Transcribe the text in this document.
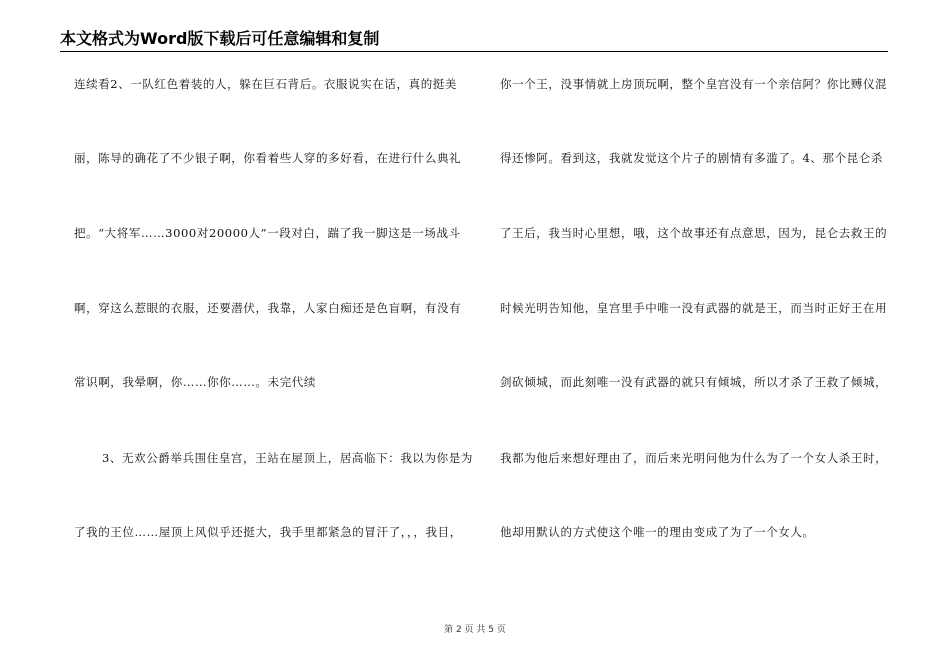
本文格式为Word版下载后可任意编辑和复制
连续看2、一队红色着装的人，躲在巨石背后。衣服说实在话，真的挺美
丽，陈导的确花了不少银子啊，你看着些人穿的多好看，在进行什么典礼
把。“大将军……3000对20000人”一段对白，踹了我一脚这是一场战斗
啊，穿这么惹眼的衣服，还要潜伏，我靠，人家白痴还是色盲啊，有没有
常识啊，我晕啊，你……你你……。未完代续
3、无欢公爵举兵围住皇宫，王站在屋顶上，居高临下：我以为你是为
了我的王位……屋顶上风似乎还挺大，我手里都紧急的冒汗了，，，我目，
你一个王，没事情就上房顶玩啊，整个皇宫没有一个亲信阿？你比赙仪混
得还惨阿。看到这，我就发觉这个片子的剧情有多滥了。4、那个昆仑杀
了王后，我当时心里想，哦，这个故事还有点意思，因为，昆仑去救王的
时候光明告知他，皇宫里手中唯一没有武器的就是王，而当时正好王在用
剑砍倾城，而此刻唯一没有武器的就只有倾城，所以才杀了王救了倾城，
我都为他后来想好理由了，而后来光明问他为什么为了一个女人杀王时，
他却用默认的方式使这个唯一的理由变成了为了一个女人。
第 2 页 共 5 页
